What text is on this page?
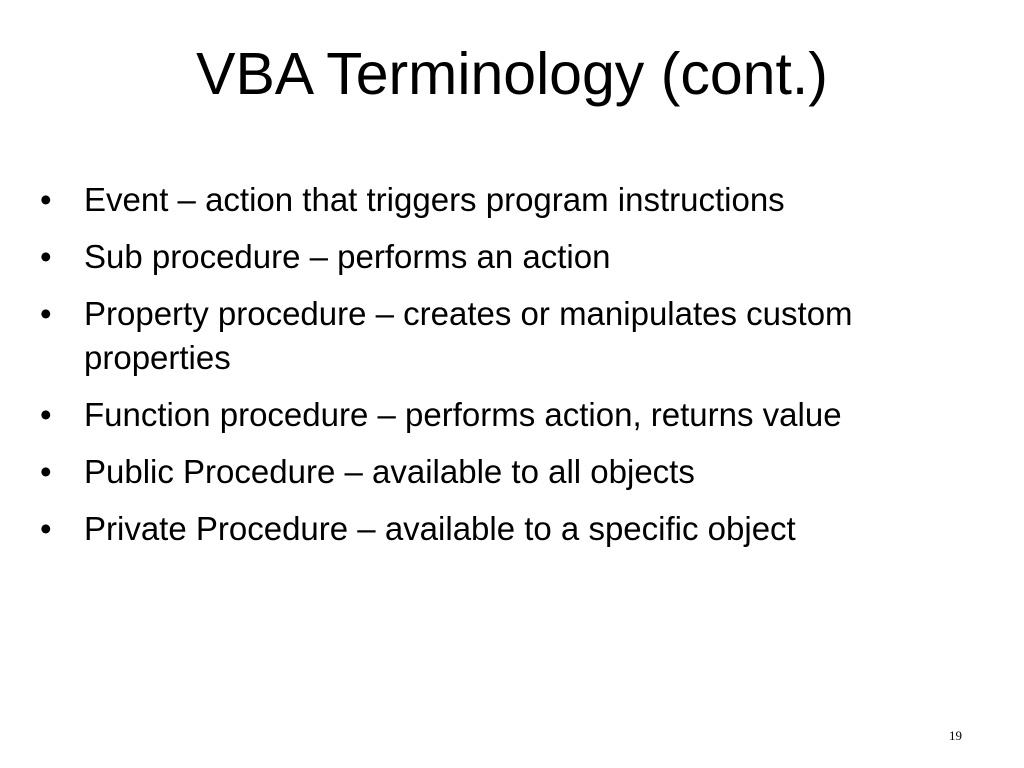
VBA Terminology (cont.)
• Event – action that triggers program instructions
• Sub procedure – performs an action
• Property procedure – creates or manipulates custom properties
• Function procedure – performs action, returns value
• Public Procedure – available to all objects
• Private Procedure – available to a specific object
19
